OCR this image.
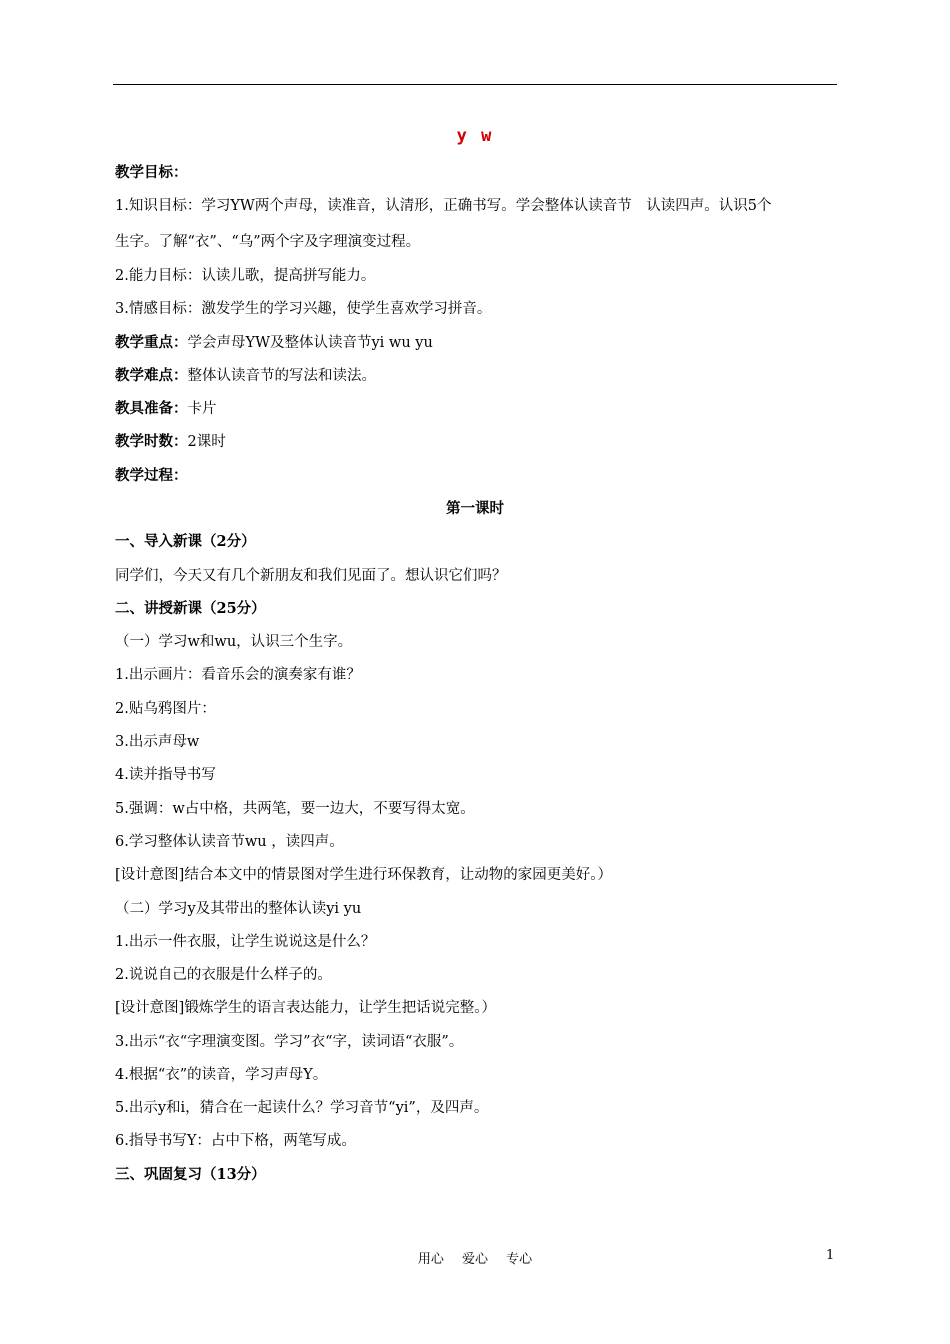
y w
教学目标：
1.知识目标：学习YW两个声母，读准音，认清形，正确书写。学会整体认读音节　认读四声。认识5个
生字。了解“衣”、“乌”两个字及字理演变过程。
2.能力目标：认读儿歌，提高拼写能力。
3.情感目标：激发学生的学习兴趣，使学生喜欢学习拼音。
教学重点：学会声母YW及整体认读音节yi wu yu
教学难点：整体认读音节的写法和读法。
教具准备：卡片
教学时数：2课时
教学过程：
第一课时
一、导入新课（2分）
同学们，今天又有几个新朋友和我们见面了。想认识它们吗？
二、讲授新课（25分）
（一）学习w和wu，认识三个生字。
1.出示画片：看音乐会的演奏家有谁？
2.贴乌鸦图片：
3.出示声母w
4.读并指导书写
5.强调：w占中格，共两笔，要一边大，不要写得太宽。
6.学习整体认读音节wu ，读四声。
[设计意图]结合本文中的情景图对学生进行环保教育，让动物的家园更美好。）
（二）学习y及其带出的整体认读yi yu
1.出示一件衣服，让学生说说这是什么？
2.说说自己的衣服是什么样子的。
[设计意图]锻炼学生的语言表达能力，让学生把话说完整。）
3.出示“衣“字理演变图。学习”衣“字，读词语“衣服”。
4.根据“衣”的读音，学习声母Y。
5.出示y和i，猜合在一起读什么？学习音节“yi”，及四声。
6.指导书写Y：占中下格，两笔写成。
三、巩固复习（13分）
用心 爱心 专心	1
